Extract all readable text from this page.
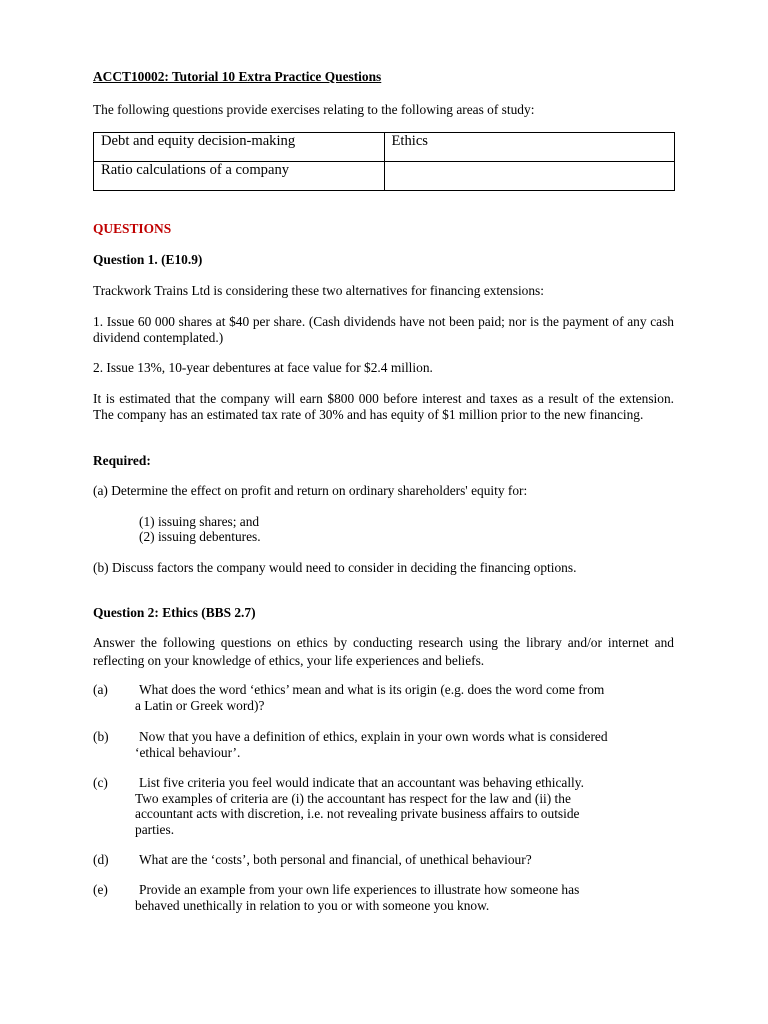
ACCT10002: Tutorial 10 Extra Practice Questions

The following questions provide exercises relating to the following areas of study:

Debt and equity decision-making	Ethics
Ratio calculations of a company	

QUESTIONS

Question 1. (E10.9)

Trackwork Trains Ltd is considering these two alternatives for financing extensions:

1. Issue 60 000 shares at $40 per share. (Cash dividends have not been paid; nor is the payment of any cash dividend contemplated.)

2. Issue 13%, 10-year debentures at face value for $2.4 million.

It is estimated that the company will earn $800 000 before interest and taxes as a result of the extension. The company has an estimated tax rate of 30% and has equity of $1 million prior to the new financing.

Required:

(a) Determine the effect on profit and return on ordinary shareholders' equity for:

(1) issuing shares; and

(2) issuing debentures.

(b) Discuss factors the company would need to consider in deciding the financing options.

Question 2: Ethics (BBS 2.7)

Answer the following questions on ethics by conducting research using the library and/or internet and reflecting on your knowledge of ethics, your life experiences and beliefs.

(a) What does the word ‘ethics’ mean and what is its origin (e.g. does the word come from
a Latin or Greek word)?
(b) Now that you have a definition of ethics, explain in your own words what is considered
‘ethical behaviour’.
(c) List five criteria you feel would indicate that an accountant was behaving ethically.
Two examples of criteria are (i) the accountant has respect for the law and (ii) the
accountant acts with discretion, i.e. not revealing private business affairs to outside
parties.
(d) What are the ‘costs’, both personal and financial, of unethical behaviour?
(e) Provide an example from your own life experiences to illustrate how someone has
behaved unethically in relation to you or with someone you know.
